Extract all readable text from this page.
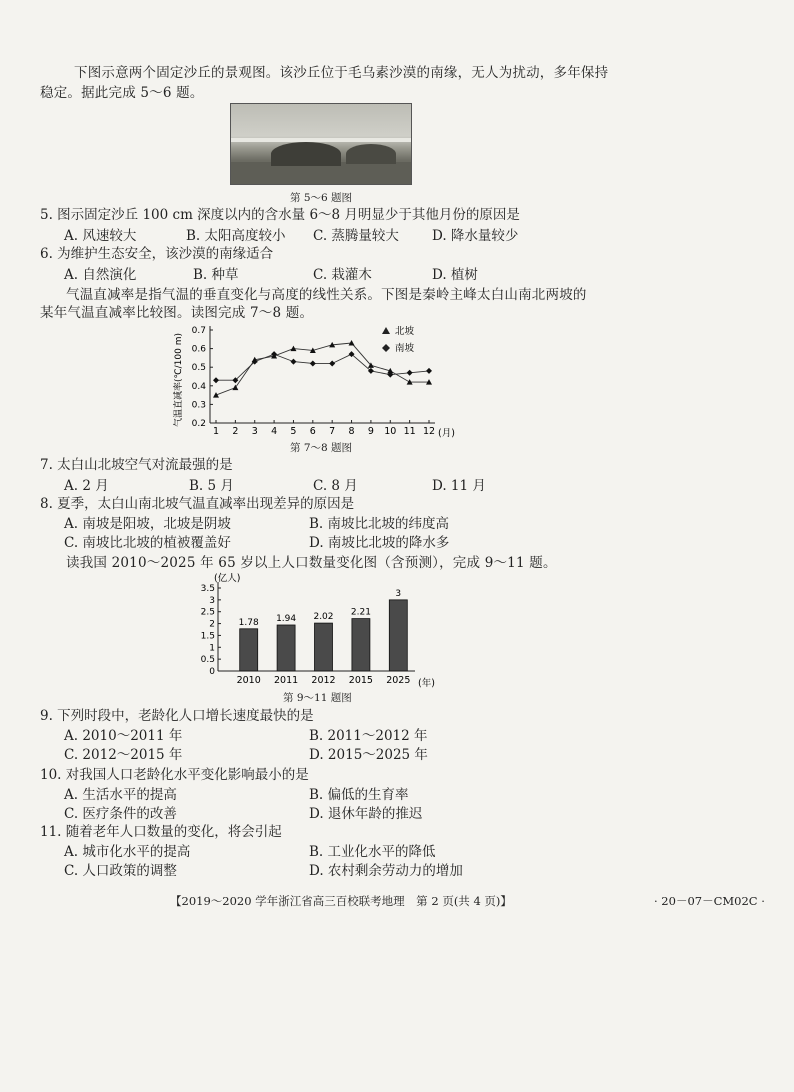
下图示意两个固定沙丘的景观图。该沙丘位于毛乌素沙漠的南缘，无人为扰动，多年保持
稳定。据此完成 5～6 题。
第 5～6 题图
5. 图示固定沙丘 100 cm 深度以内的含水量 6～8 月明显少于其他月份的原因是
A. 风速较大	B. 太阳高度较小 C. 蒸腾量较大 D. 降水量较少
6. 为维护生态安全，该沙漠的南缘适合
A. 自然演化	B. 种草	C. 栽灌木	D. 植树
气温直减率是指气温的垂直变化与高度的线性关系。下图是秦岭主峰太白山南北两坡的
某年气温直减率比较图。读图完成 7～8 题。
气温直减率(℃/100 m) 0.2
0.3
0.4
0.5
0.6
0.7
1 2 3 4 5 6 7 8 9 10 11 12 (月)
北坡
南坡
第 7～8 题图
7. 太白山北坡空气对流最强的是
A. 2 月	B. 5 月	C. 8 月	D. 11 月
8. 夏季，太白山南北坡气温直减率出现差异的原因是
A. 南坡是阳坡，北坡是阴坡	B. 南坡比北坡的纬度高
C. 南坡比北坡的植被覆盖好	D. 南坡比北坡的降水多
读我国 2010～2025 年 65 岁以上人口数量变化图（含预测），完成 9～11 题。
(亿人)
0
0.5
1
1.5
2
2.5
3
3.5
1.78
2010
1.94
2011
2.02
2012
2.21
2015
3
2025 (年)
第 9～11 题图
9. 下列时段中，老龄化人口增长速度最快的是
A. 2010～2011 年	B. 2011～2012 年
C. 2012～2015 年	D. 2015～2025 年
10. 对我国人口老龄化水平变化影响最小的是
A. 生活水平的提高	B. 偏低的生育率
C. 医疗条件的改善	D. 退休年龄的推迟
11. 随着老年人口数量的变化，将会引起
A. 城市化水平的提高	B. 工业化水平的降低
C. 人口政策的调整	D. 农村剩余劳动力的增加
【2019～2020 学年浙江省高三百校联考地理　第 2 页(共 4 页)】	· 20－07－CM02C ·
